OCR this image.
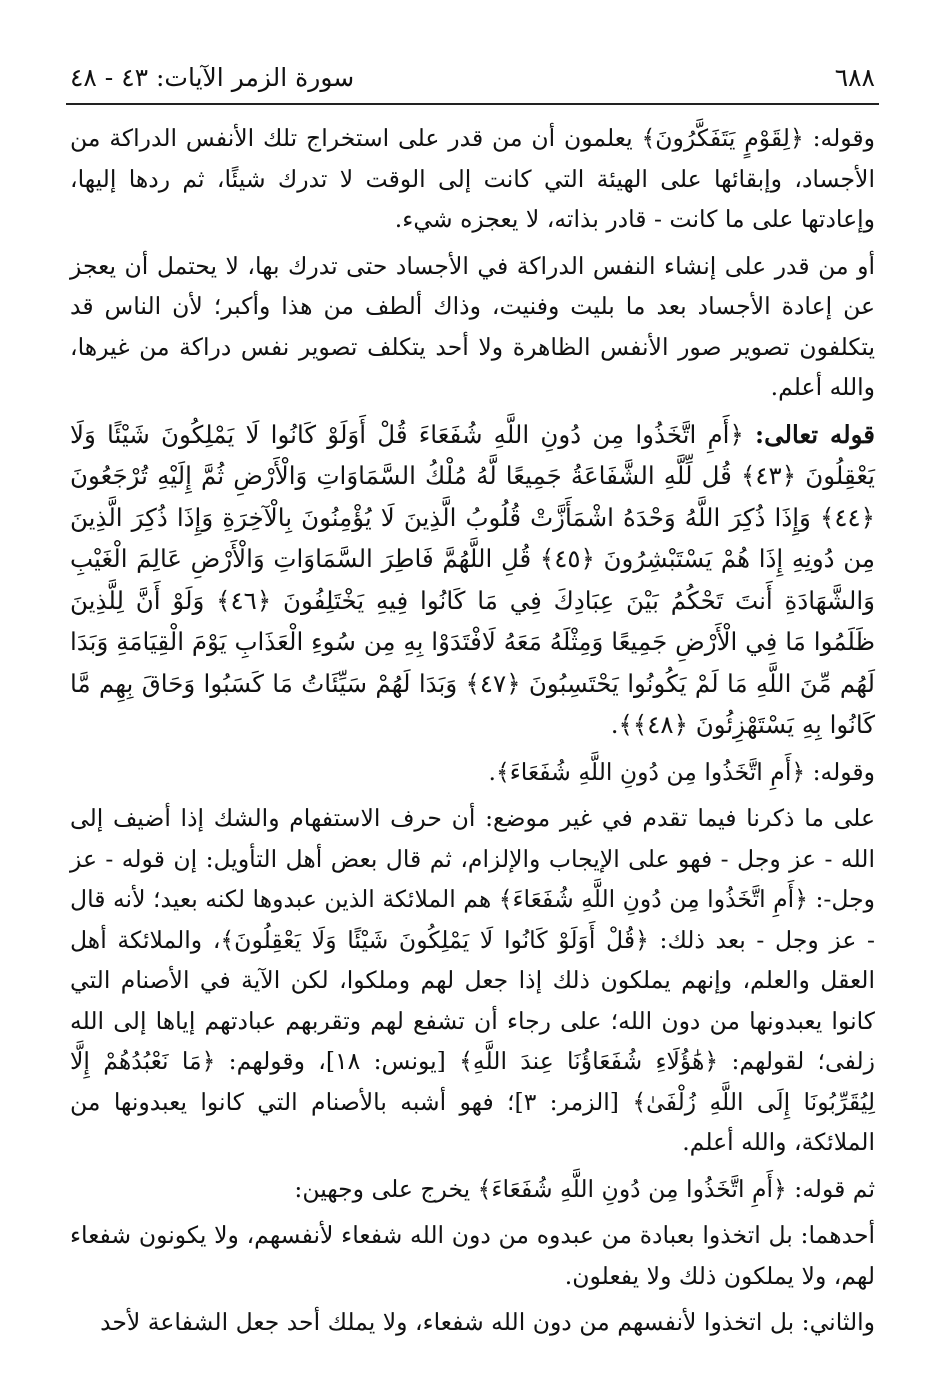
٦٨٨
سورة الزمر الآيات: ٤٣ - ٤٨

وقوله: ﴿لِقَوْمٍ يَتَفَكَّرُونَ﴾ يعلمون أن من قدر على استخراج تلك الأنفس الدراكة من الأجساد، وإبقائها على الهيئة التي كانت إلى الوقت لا تدرك شيئًا، ثم ردها إليها، وإعادتها على ما كانت - قادر بذاته، لا يعجزه شيء.

أو من قدر على إنشاء النفس الدراكة في الأجساد حتى تدرك بها، لا يحتمل أن يعجز عن إعادة الأجساد بعد ما بليت وفنيت، وذاك ألطف من هذا وأكبر؛ لأن الناس قد يتكلفون تصوير صور الأنفس الظاهرة ولا أحد يتكلف تصوير نفس دراكة من غيرها، والله أعلم.

قوله تعالى: ﴿أَمِ اتَّخَذُوا مِن دُونِ اللَّهِ شُفَعَاءَ قُلْ أَوَلَوْ كَانُوا لَا يَمْلِكُونَ شَيْئًا وَلَا يَعْقِلُونَ ﴿٤٣﴾ قُل لِّلَّهِ الشَّفَاعَةُ جَمِيعًا لَّهُ مُلْكُ السَّمَاوَاتِ وَالْأَرْضِ ثُمَّ إِلَيْهِ تُرْجَعُونَ ﴿٤٤﴾ وَإِذَا ذُكِرَ اللَّهُ وَحْدَهُ اشْمَأَزَّتْ قُلُوبُ الَّذِينَ لَا يُؤْمِنُونَ بِالْآخِرَةِ وَإِذَا ذُكِرَ الَّذِينَ مِن دُونِهِ إِذَا هُمْ يَسْتَبْشِرُونَ ﴿٤٥﴾ قُلِ اللَّهُمَّ فَاطِرَ السَّمَاوَاتِ وَالْأَرْضِ عَالِمَ الْغَيْبِ وَالشَّهَادَةِ أَنتَ تَحْكُمُ بَيْنَ عِبَادِكَ فِي مَا كَانُوا فِيهِ يَخْتَلِفُونَ ﴿٤٦﴾ وَلَوْ أَنَّ لِلَّذِينَ ظَلَمُوا مَا فِي الْأَرْضِ جَمِيعًا وَمِثْلَهُ مَعَهُ لَافْتَدَوْا بِهِ مِن سُوءِ الْعَذَابِ يَوْمَ الْقِيَامَةِ وَبَدَا لَهُم مِّنَ اللَّهِ مَا لَمْ يَكُونُوا يَحْتَسِبُونَ ﴿٤٧﴾ وَبَدَا لَهُمْ سَيِّئَاتُ مَا كَسَبُوا وَحَاقَ بِهِم مَّا كَانُوا بِهِ يَسْتَهْزِئُونَ ﴿٤٨﴾﴾.

وقوله: ﴿أَمِ اتَّخَذُوا مِن دُونِ اللَّهِ شُفَعَاءَ﴾.

على ما ذكرنا فيما تقدم في غير موضع: أن حرف الاستفهام والشك إذا أضيف إلى الله - عز وجل - فهو على الإيجاب والإلزام، ثم قال بعض أهل التأويل: إن قوله - عز وجل-: ﴿أَمِ اتَّخَذُوا مِن دُونِ اللَّهِ شُفَعَاءَ﴾ هم الملائكة الذين عبدوها لكنه بعيد؛ لأنه قال - عز وجل - بعد ذلك: ﴿قُلْ أَوَلَوْ كَانُوا لَا يَمْلِكُونَ شَيْئًا وَلَا يَعْقِلُونَ﴾، والملائكة أهل العقل والعلم، وإنهم يملكون ذلك إذا جعل لهم وملكوا، لكن الآية في الأصنام التي كانوا يعبدونها من دون الله؛ على رجاء أن تشفع لهم وتقربهم عبادتهم إياها إلى الله زلفى؛ لقولهم: ﴿هَٰؤُلَاءِ شُفَعَاؤُنَا عِندَ اللَّهِ﴾ [يونس: ١٨]، وقولهم: ﴿مَا نَعْبُدُهُمْ إِلَّا لِيُقَرِّبُونَا إِلَى اللَّهِ زُلْفَىٰ﴾ [الزمر: ٣]؛ فهو أشبه بالأصنام التي كانوا يعبدونها من الملائكة، والله أعلم.

ثم قوله: ﴿أَمِ اتَّخَذُوا مِن دُونِ اللَّهِ شُفَعَاءَ﴾ يخرج على وجهين:

أحدهما: بل اتخذوا بعبادة من عبدوه من دون الله شفعاء لأنفسهم، ولا يكونون شفعاء لهم، ولا يملكون ذلك ولا يفعلون.

والثاني: بل اتخذوا لأنفسهم من دون الله شفعاء، ولا يملك أحد جعل الشفاعة لأحد
